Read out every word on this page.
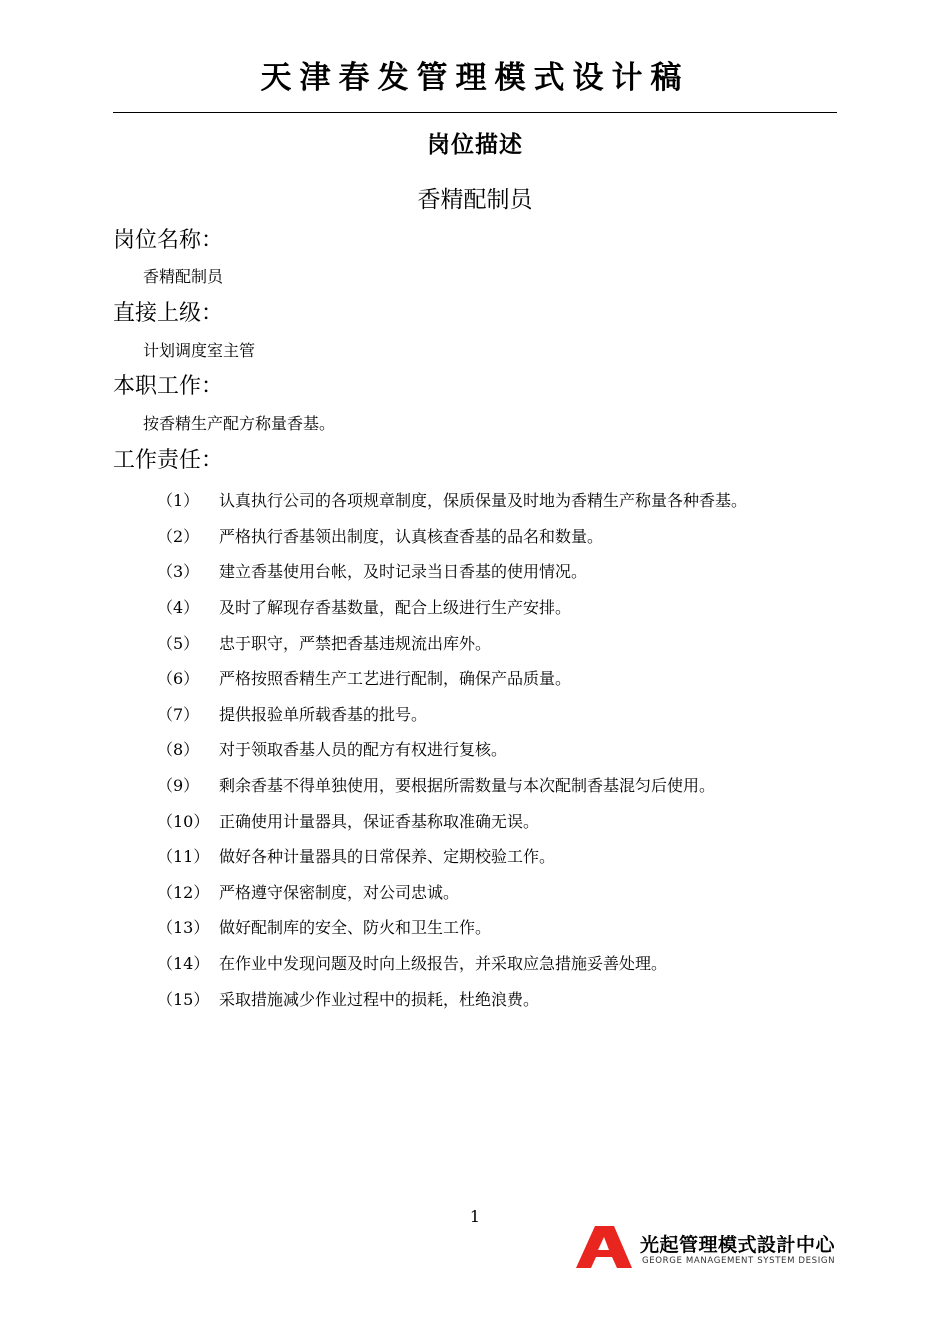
天津春发管理模式设计稿
岗位描述
香精配制员
岗位名称：
香精配制员
直接上级：
计划调度室主管
本职工作：
按香精生产配方称量香基。
工作责任：
（1）	认真执行公司的各项规章制度，保质保量及时地为香精生产称量各种香基。
（2）	严格执行香基领出制度，认真核查香基的品名和数量。
（3）	建立香基使用台帐，及时记录当日香基的使用情况。
（4）	及时了解现存香基数量，配合上级进行生产安排。
（5）	忠于职守，严禁把香基违规流出库外。
（6）	严格按照香精生产工艺进行配制，确保产品质量。
（7）	提供报验单所载香基的批号。
（8）	对于领取香基人员的配方有权进行复核。
（9）	剩余香基不得单独使用，要根据所需数量与本次配制香基混匀后使用。
（10） 正确使用计量器具，保证香基称取准确无误。
（11） 做好各种计量器具的日常保养、定期校验工作。
（12） 严格遵守保密制度，对公司忠诚。
（13） 做好配制库的安全、防火和卫生工作。
（14） 在作业中发现问题及时向上级报告，并采取应急措施妥善处理。
（15） 采取措施减少作业过程中的损耗，杜绝浪费。
1
光起管理模式設計中心
GEORGE MANAGEMENT SYSTEM DESIGN
